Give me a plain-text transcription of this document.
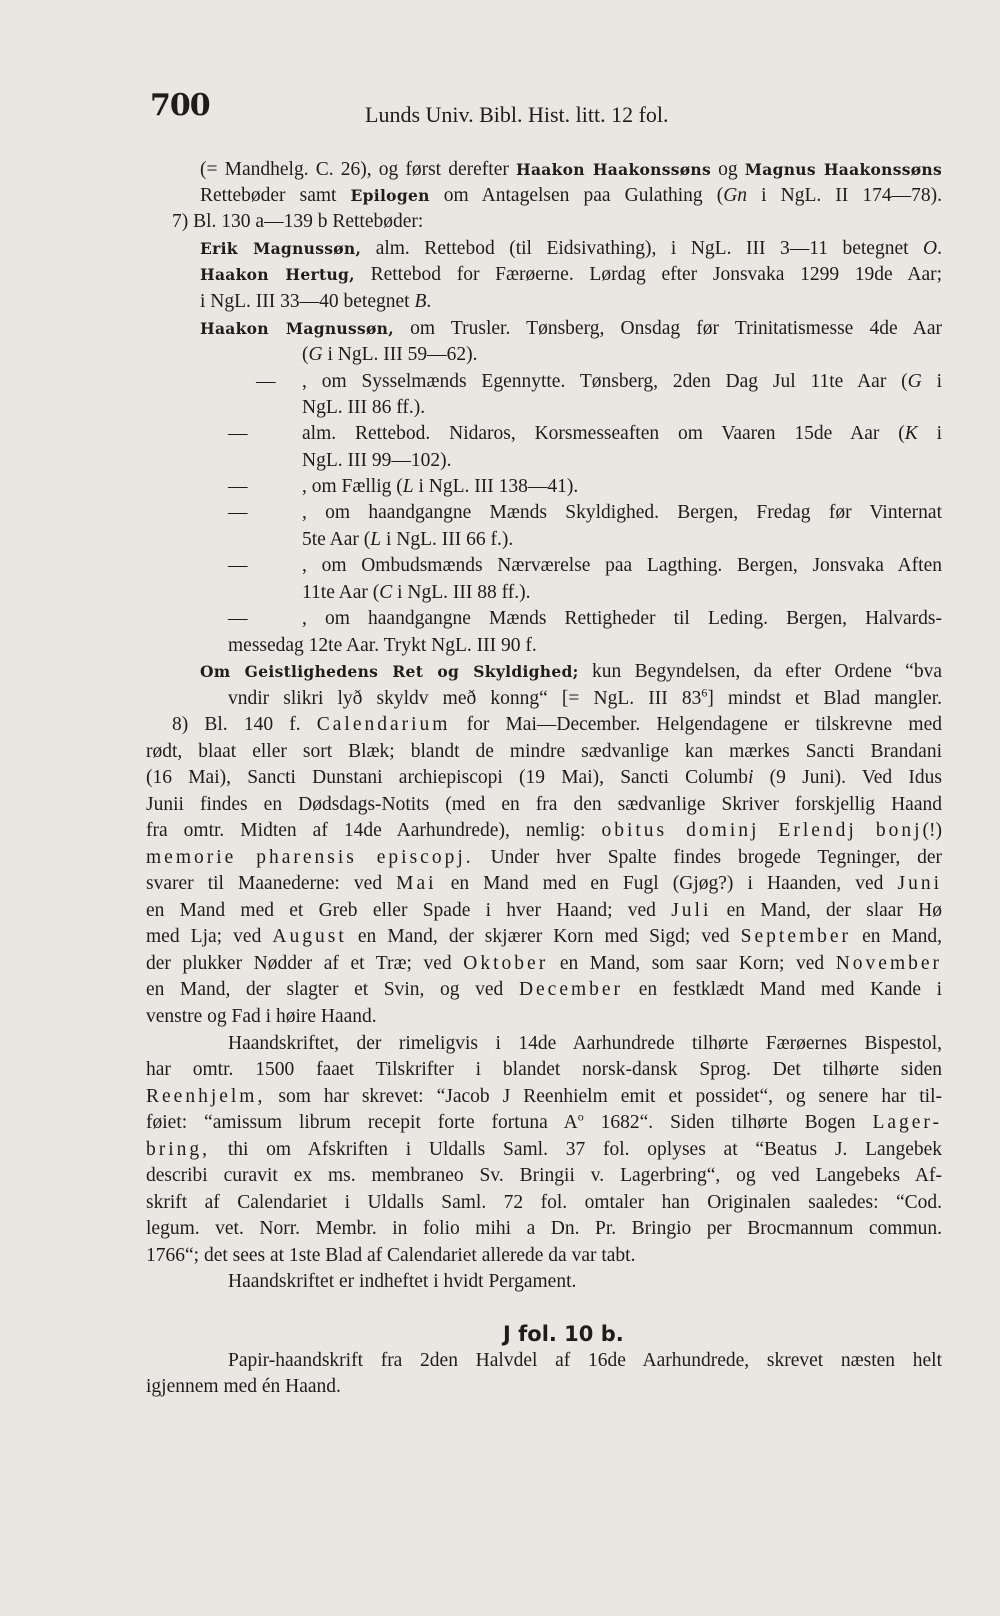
700	Lunds Univ. Bibl. Hist. litt. 12 fol.
(= Mandhelg. C. 26), og først derefter Haakon Haakonssøns og Magnus Haakonssøns
Rettebøder samt Epilogen om Antagelsen paa Gulathing (Gn i NgL. II 174—78).
7) Bl. 130 a—139 b Rettebøder:
Erik Magnussøn, alm. Rettebod (til Eidsivathing), i NgL. III 3—11 betegnet O.
Haakon Hertug, Rettebod for Færøerne. Lørdag efter Jonsvaka 1299 19de Aar;
i NgL. III 33—40 betegnet B.
Haakon Magnussøn, om Trusler. Tønsberg, Onsdag før Trinitatismesse 4de Aar
(G i NgL. III 59—62).
— , om Sysselmænds Egennytte. Tønsberg, 2den Dag Jul 11te Aar (G i
NgL. III 86 ff.).
—	alm. Rettebod. Nidaros, Korsmesseaften om Vaaren 15de Aar (K i
NgL. III 99—102).
—	, om Fællig (L i NgL. III 138—41).
—	, om haandgangne Mænds Skyldighed. Bergen, Fredag før Vinternat
5te Aar (L i NgL. III 66 f.).
—	, om Ombudsmænds Nærværelse paa Lagthing. Bergen, Jonsvaka Aften
11te Aar (C i NgL. III 88 ff.).
—	, om haandgangne Mænds Rettigheder til Leding. Bergen, Halvards-
messedag 12te Aar. Trykt NgL. III 90 f.
Om Geistlighedens Ret og Skyldighed; kun Begyndelsen, da efter Ordene “bva
vndir slikri lyð skyldv með konng“ [= NgL. III $83^6$] mindst et Blad mangler.
8) Bl. 140 f. Calendarium for Mai—December. Helgendagene er tilskrevne med
rødt, blaat eller sort Blæk; blandt de mindre sædvanlige kan mærkes Sancti Brandani
(16 Mai), Sancti Dunstani archiepiscopi (19 Mai), Sancti Columbi (9 Juni). Ved Idus
Junii findes en Dødsdags-Notits (med en fra den sædvanlige Skriver forskjellig Haand
fra omtr. Midten af 14de Aarhundrede), nemlig: obitus dominj Erlendj bonj(!)
memorie pharensis episcopj. Under hver Spalte findes brogede Tegninger, der
svarer til Maanederne: ved Mai en Mand med en Fugl (Gjøg?) i Haanden, ved Juni
en Mand med et Greb eller Spade i hver Haand; ved Juli en Mand, der slaar Hø
med Lja; ved August en Mand, der skjærer Korn med Sigd; ved September en Mand,
der plukker Nødder af et Træ; ved Oktober en Mand, som saar Korn; ved November
en Mand, der slagter et Svin, og ved December en festklædt Mand med Kande i
venstre og Fad i høire Haand.
Haandskriftet, der rimeligvis i 14de Aarhundrede tilhørte Færøernes Bispestol,
har omtr. 1500 faaet Tilskrifter i blandet norsk-dansk Sprog. Det tilhørte siden
Reenhjelm, som har skrevet: “Jacob J Reenhielm emit et possidet“, og senere har til-
føiet: “amissum librum recepit forte fortuna $A^o$ 1682“. Siden tilhørte Bogen Lager-
bring, thi om Afskriften i Uldalls Saml. 37 fol. oplyses at “Beatus J. Langebek
describi curavit ex ms. membraneo Sv. Bringii v. Lagerbring“, og ved Langebeks Af-
skrift af Calendariet i Uldalls Saml. 72 fol. omtaler han Originalen saaledes: “Cod.
legum. vet. Norr. Membr. in folio mihi a Dn. Pr. Bringio per Brocmannum commun.
1766“; det sees at 1ste Blad af Calendariet allerede da var tabt.
Haandskriftet er indheftet i hvidt Pergament.
J fol. 10 b.
Papir-haandskrift fra 2den Halvdel af 16de Aarhundrede, skrevet næsten helt
igjennem med én Haand.
